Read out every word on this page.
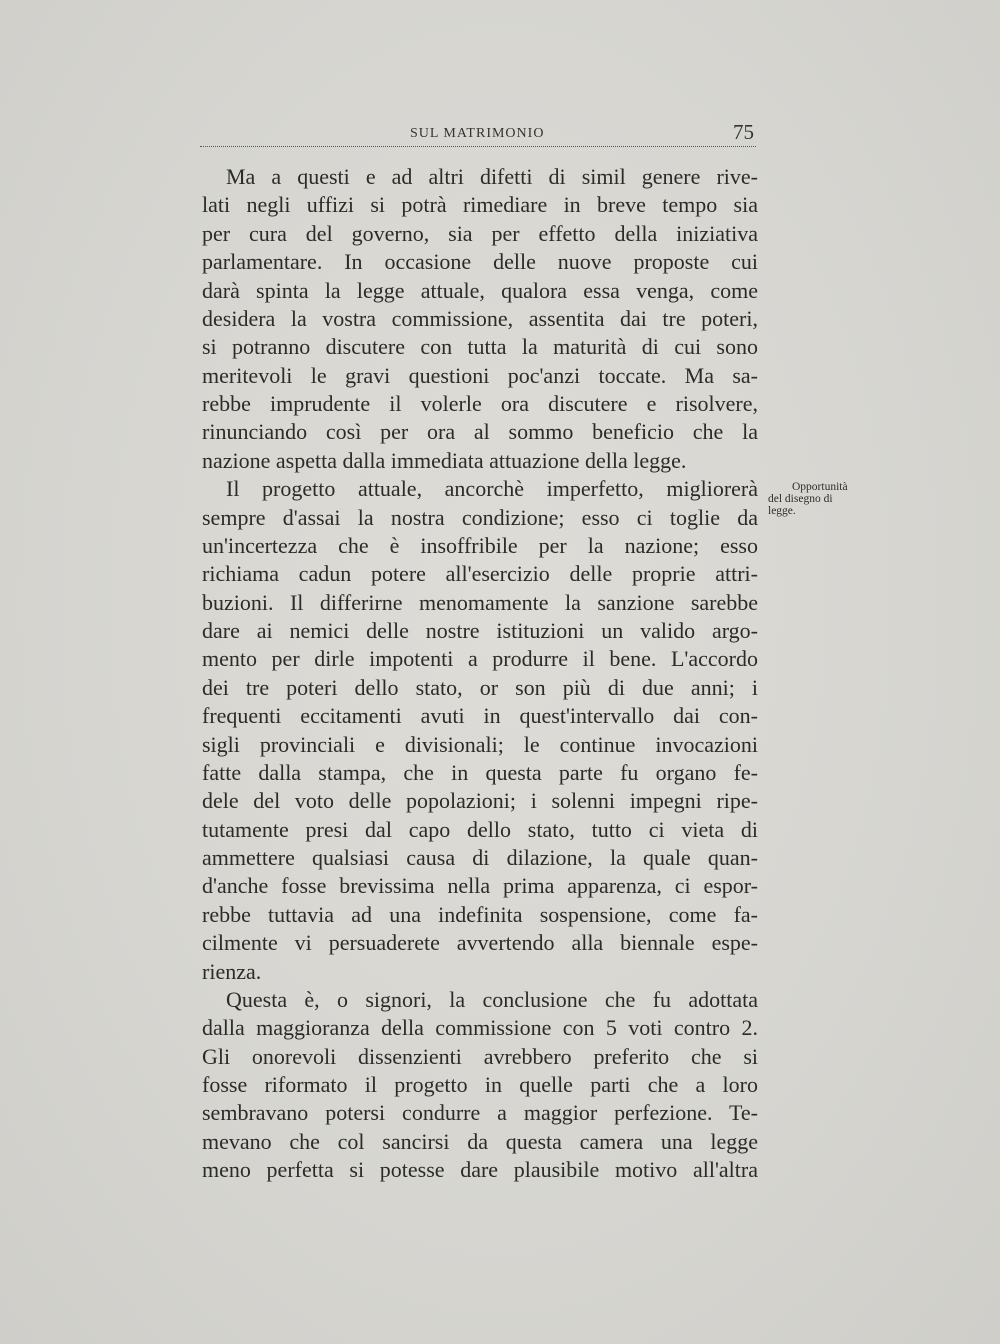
SUL MATRIMONIO	75
Ma a questi e ad altri difetti di simil genere rive-
lati negli uffizi si potrà rimediare in breve tempo sia
per cura del governo, sia per effetto della iniziativa
parlamentare. In occasione delle nuove proposte cui
darà spinta la legge attuale, qualora essa venga, come
desidera la vostra commissione, assentita dai tre poteri,
si potranno discutere con tutta la maturità di cui sono
meritevoli le gravi questioni poc'anzi toccate. Ma sa-
rebbe imprudente il volerle ora discutere e risolvere,
rinunciando così per ora al sommo beneficio che la
nazione aspetta dalla immediata attuazione della legge.
Il progetto attuale, ancorchè imperfetto, migliorerà
sempre d'assai la nostra condizione; esso ci toglie da
un'incertezza che è insoffribile per la nazione; esso
richiama cadun potere all'esercizio delle proprie attri-
buzioni. Il differirne menomamente la sanzione sarebbe
dare ai nemici delle nostre istituzioni un valido argo-
mento per dirle impotenti a produrre il bene. L'accordo
dei tre poteri dello stato, or son più di due anni; i
frequenti eccitamenti avuti in quest'intervallo dai con-
sigli provinciali e divisionali; le continue invocazioni
fatte dalla stampa, che in questa parte fu organo fe-
dele del voto delle popolazioni; i solenni impegni ripe-
tutamente presi dal capo dello stato, tutto ci vieta di
ammettere qualsiasi causa di dilazione, la quale quan-
d'anche fosse brevissima nella prima apparenza, ci espor-
rebbe tuttavia ad una indefinita sospensione, come fa-
cilmente vi persuaderete avvertendo alla biennale espe-
rienza.
Questa è, o signori, la conclusione che fu adottata
dalla maggioranza della commissione con 5 voti contro 2.
Gli onorevoli dissenzienti avrebbero preferito che si
fosse riformato il progetto in quelle parti che a loro
sembravano potersi condurre a maggior perfezione. Te-
mevano che col sancirsi da questa camera una legge
meno perfetta si potesse dare plausibile motivo all'altra
Opportunità
del disegno di
legge.
